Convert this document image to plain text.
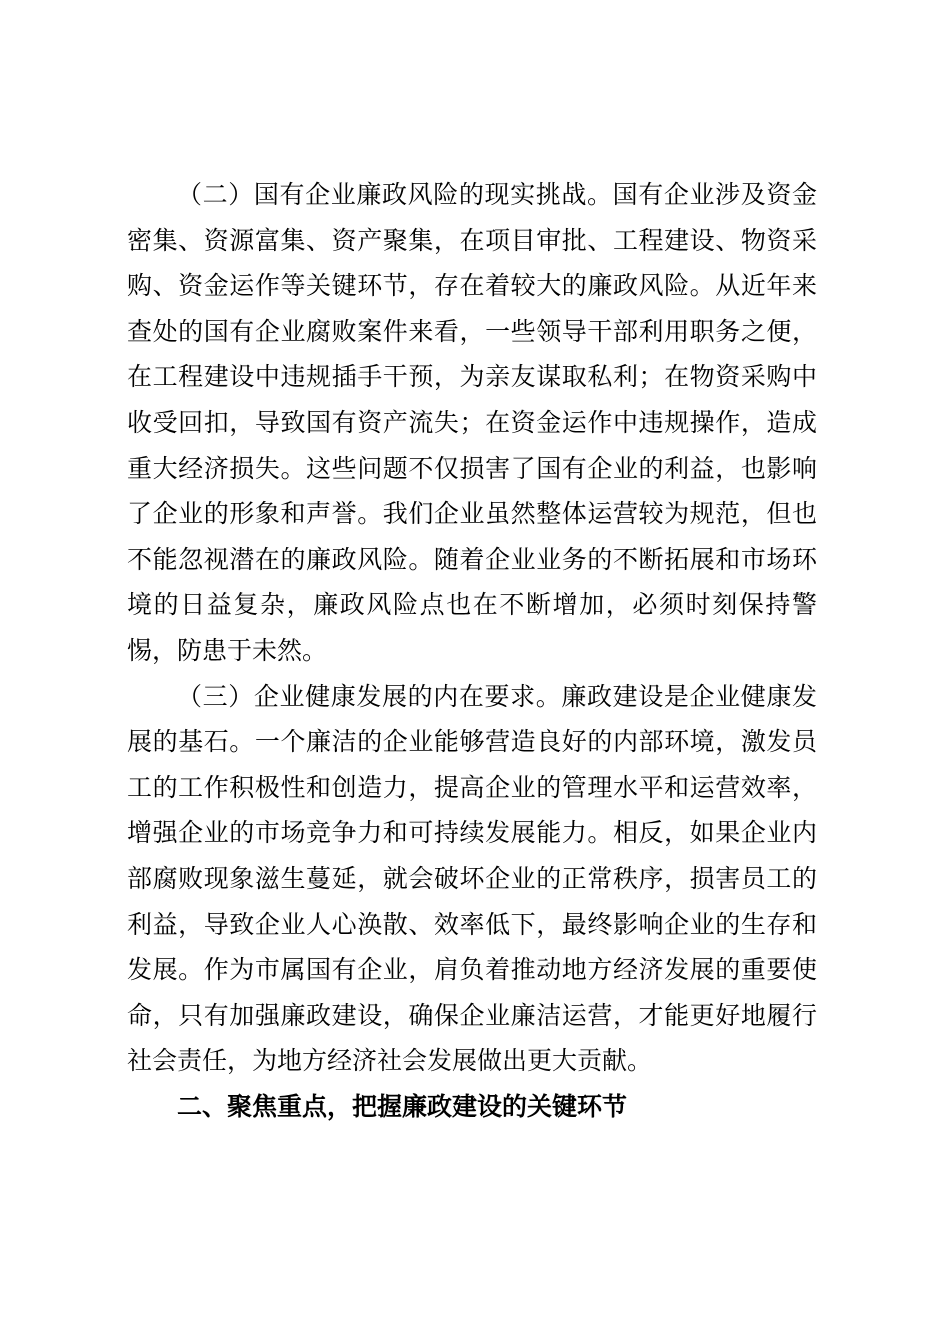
（二）国有企业廉政风险的现实挑战。国有企业涉及资金密集、资源富集、资产聚集，在项目审批、工程建设、物资采购、资金运作等关键环节，存在着较大的廉政风险。从近年来查处的国有企业腐败案件来看，一些领导干部利用职务之便，在工程建设中违规插手干预，为亲友谋取私利；在物资采购中收受回扣，导致国有资产流失；在资金运作中违规操作，造成重大经济损失。这些问题不仅损害了国有企业的利益，也影响了企业的形象和声誉。我们企业虽然整体运营较为规范，但也不能忽视潜在的廉政风险。随着企业业务的不断拓展和市场环境的日益复杂，廉政风险点也在不断增加，必须时刻保持警惕，防患于未然。

（三）企业健康发展的内在要求。廉政建设是企业健康发展的基石。一个廉洁的企业能够营造良好的内部环境，激发员工的工作积极性和创造力，提高企业的管理水平和运营效率，增强企业的市场竞争力和可持续发展能力。相反，如果企业内部腐败现象滋生蔓延，就会破坏企业的正常秩序，损害员工的利益，导致企业人心涣散、效率低下，最终影响企业的生存和发展。作为市属国有企业，肩负着推动地方经济发展的重要使命，只有加强廉政建设，确保企业廉洁运营，才能更好地履行社会责任，为地方经济社会发展做出更大贡献。

二、聚焦重点，把握廉政建设的关键环节
